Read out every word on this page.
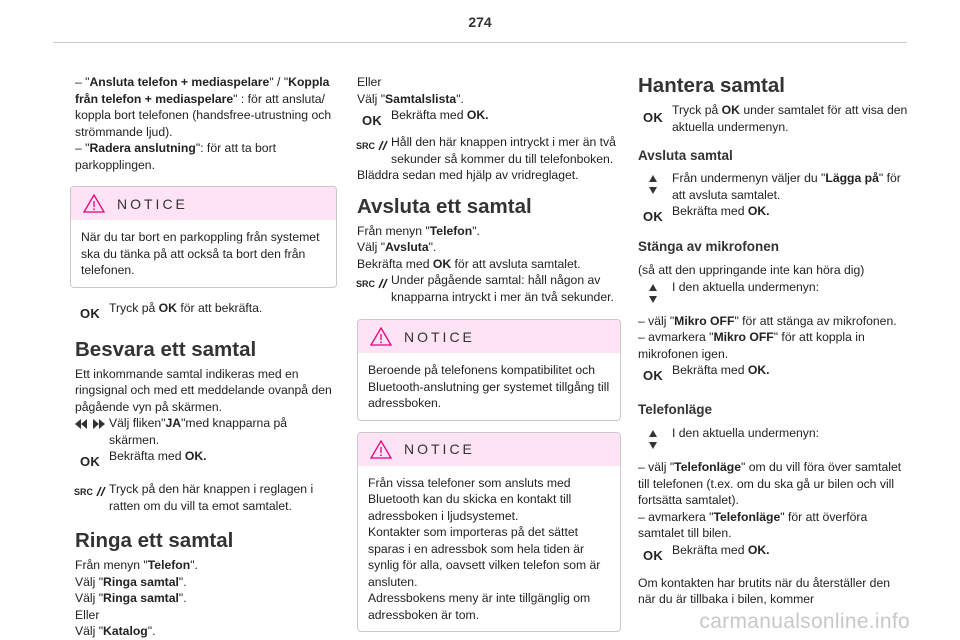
274

– "Ansluta telefon + mediaspelare" / "Koppla från telefon + mediaspelare" : för att ansluta/ koppla bort telefonen (handsfree-utrustning och strömmande ljud).

– "Radera anslutning": för att ta bort parkopplingen.

NOTICE

När du tar bort en parkoppling från systemet ska du tänka på att också ta bort den från telefonen.

OK Tryck på OK för att bekräfta.

Besvara ett samtal

Ett inkommande samtal indikeras med en ringsignal och med ett meddelande ovanpå den pågående vyn på skärmen.

Välj fliken"JA"med knapparna på skärmen.

OK Bekräfta med OK.

SRC Tryck på den här knappen i reglagen i ratten om du vill ta emot samtalet.

Ringa ett samtal

Från menyn "Telefon".

Välj "Ringa samtal".

Välj "Ringa samtal".

Eller

Välj "Katalog".

Eller

Välj "Samtalslista".

OK Bekräfta med OK.

SRC Håll den här knappen intryckt i mer än två sekunder så kommer du till telefonboken.

Bläddra sedan med hjälp av vridreglaget.

Avsluta ett samtal

Från menyn "Telefon".

Välj "Avsluta".

Bekräfta med OK för att avsluta samtalet.

SRC Under pågående samtal: håll någon av knapparna intryckt i mer än två sekunder.

NOTICE

Beroende på telefonens kompatibilitet och Bluetooth-anslutning ger systemet tillgång till adressboken.

NOTICE

Från vissa telefoner som ansluts med Bluetooth kan du skicka en kontakt till adressboken i ljudsystemet.

Kontakter som importeras på det sättet sparas i en adressbok som hela tiden är synlig för alla, oavsett vilken telefon som är ansluten.

Adressbokens meny är inte tillgänglig om adressboken är tom.

Hantera samtal
OK Tryck på OK under samtalet för att visa den aktuella undermenyn.

Avsluta samtal

Från undermenyn väljer du "Lägga på" för att avsluta samtalet.

OK Bekräfta med OK.

Stänga av mikrofonen

(så att den uppringande inte kan höra dig)

I den aktuella undermenyn:

– välj "Mikro OFF" för att stänga av mikrofonen.

– avmarkera "Mikro OFF" för att koppla in mikrofonen igen.

OK Bekräfta med OK.

Telefonläge

I den aktuella undermenyn:

– välj "Telefonläge" om du vill föra över samtalet till telefonen (t.ex. om du ska gå ur bilen och vill fortsätta samtalet).

– avmarkera "Telefonläge" för att överföra samtalet till bilen.

OK Bekräfta med OK.

Om kontakten har brutits när du återställer den när du är tillbaka i bilen, kommer

carmanualsonline.info
